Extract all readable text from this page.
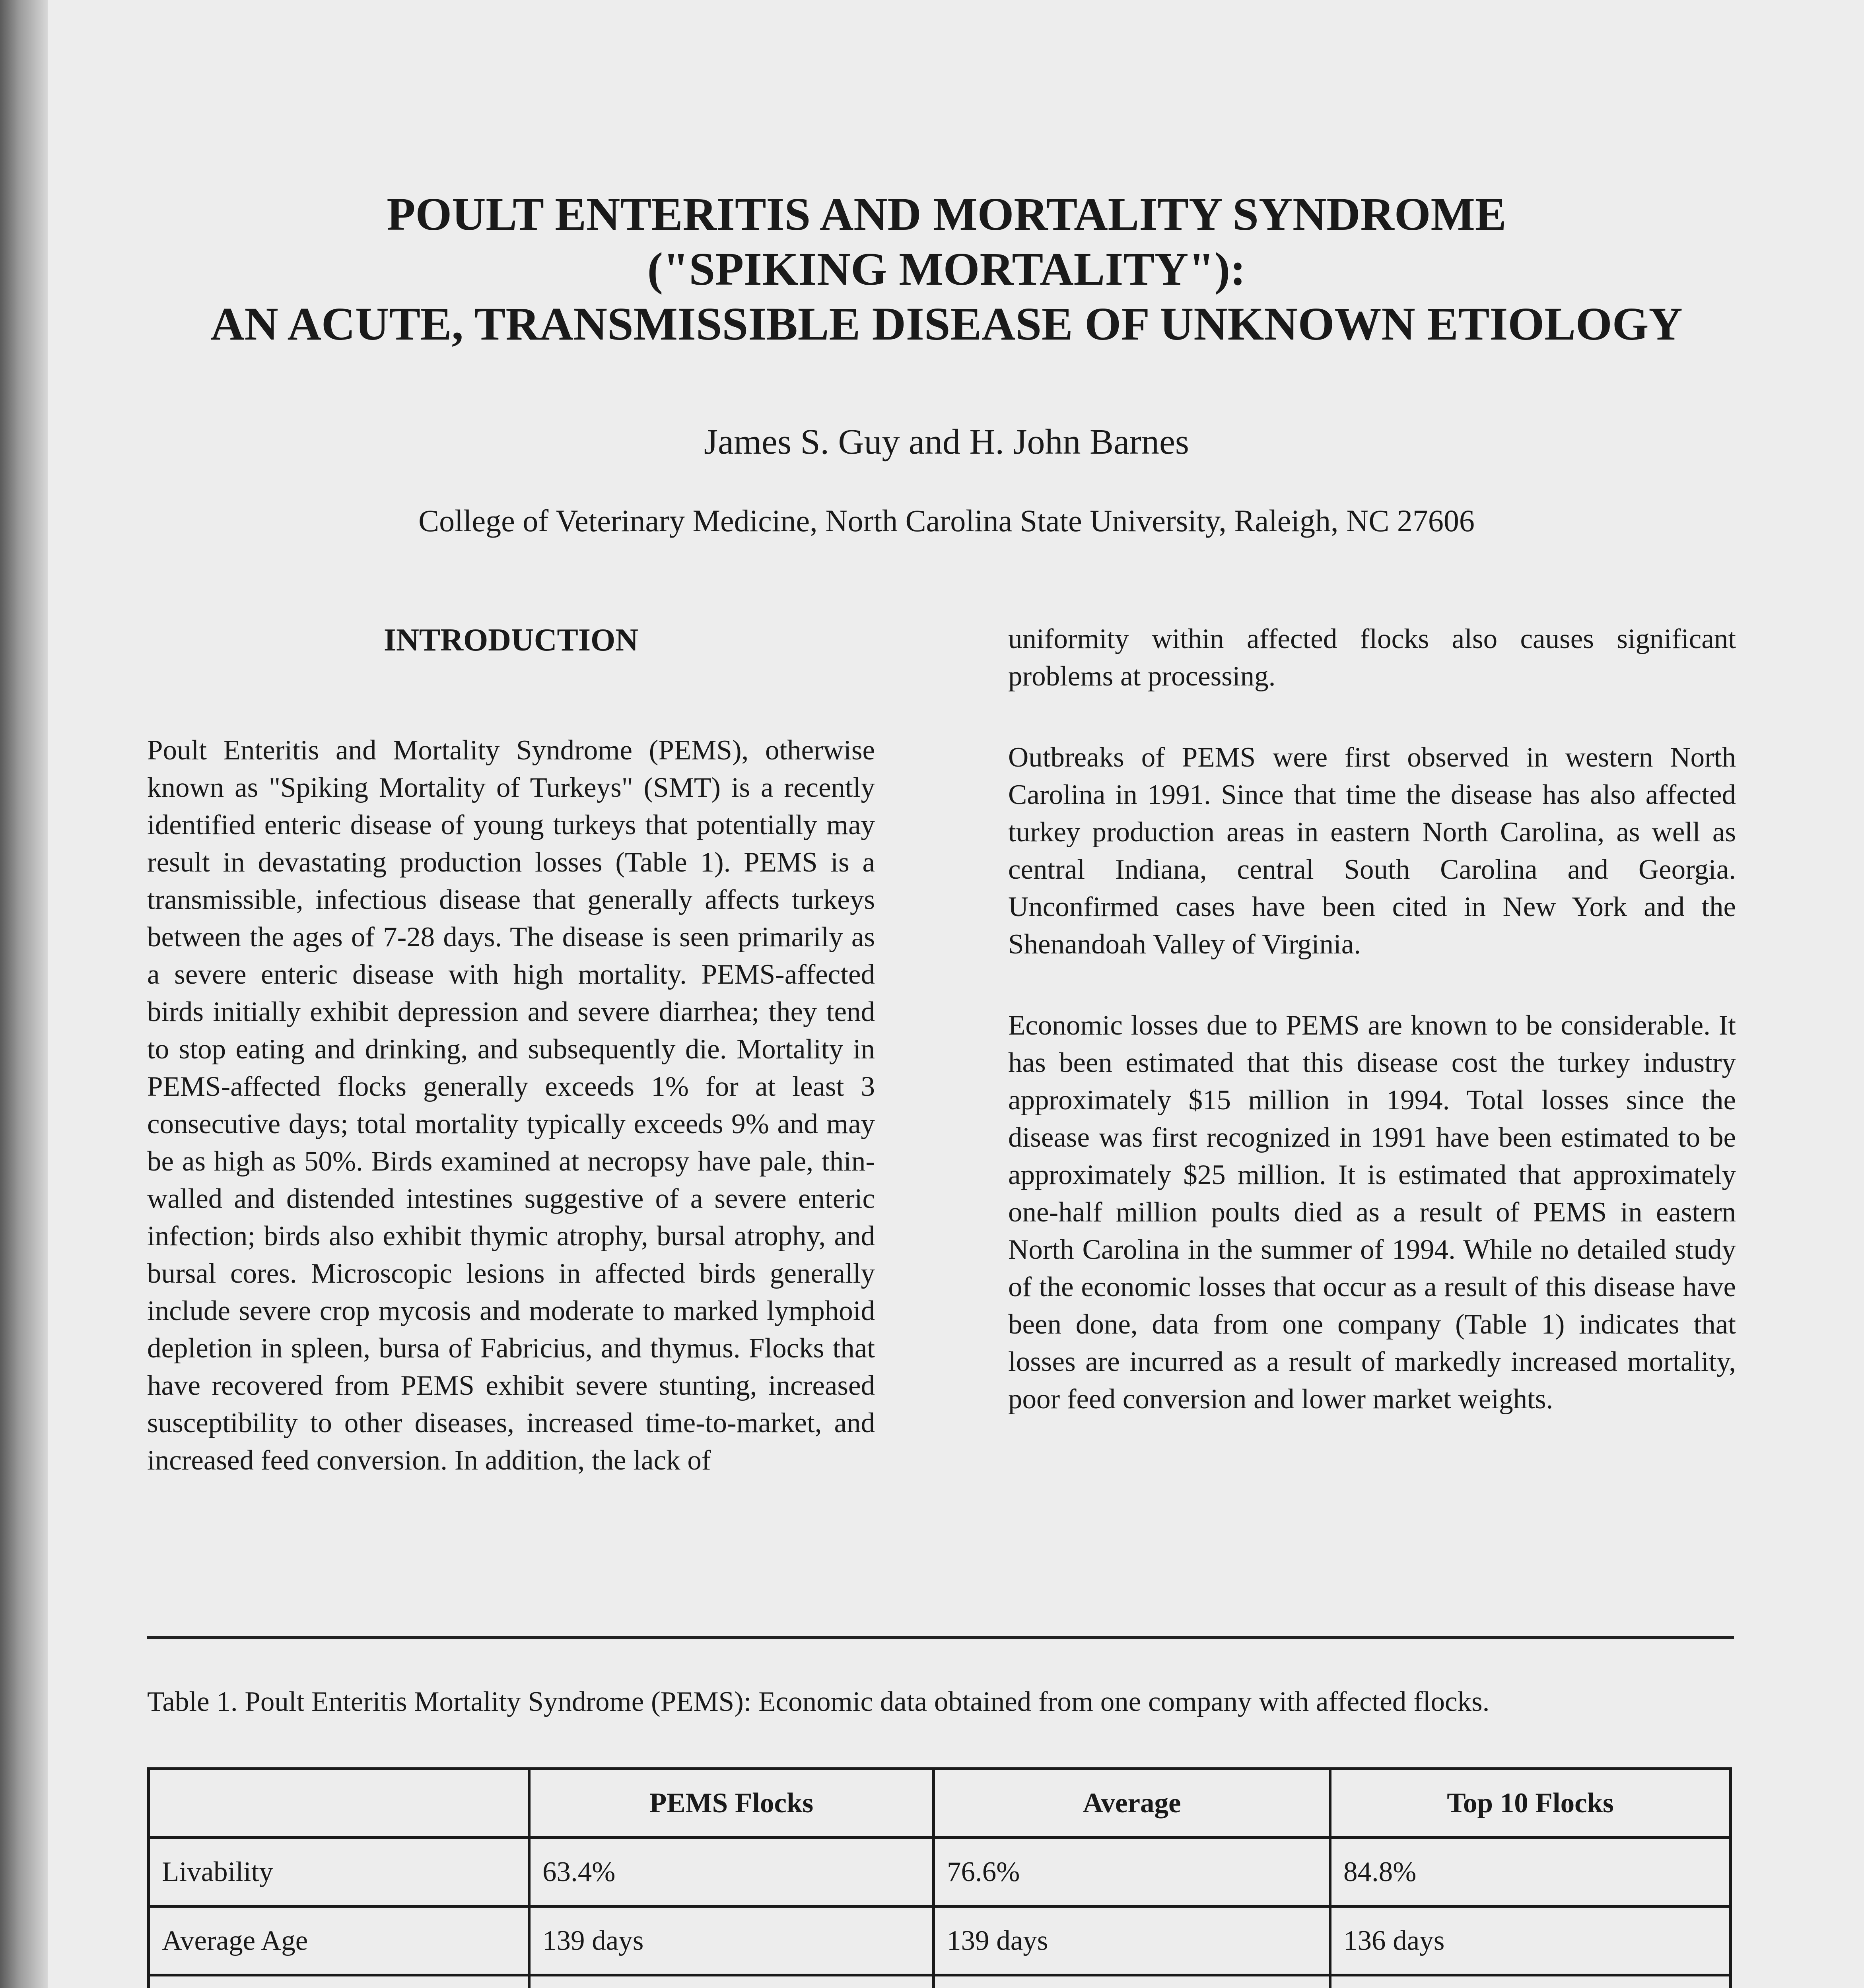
POULT ENTERITIS AND MORTALITY SYNDROME
("SPIKING MORTALITY"):
AN ACUTE, TRANSMISSIBLE DISEASE OF UNKNOWN ETIOLOGY

James S. Guy and H. John Barnes

College of Veterinary Medicine, North Carolina State University, Raleigh, NC 27606

INTRODUCTION

Poult Enteritis and Mortality Syndrome (PEMS), otherwise known as "Spiking Mortality of Turkeys" (SMT) is a recently identified enteric disease of young turkeys that potentially may result in devastating production losses (Table 1). PEMS is a transmissible, infectious disease that generally affects turkeys between the ages of 7-28 days. The disease is seen primarily as a severe enteric disease with high mortality. PEMS-affected birds initially exhibit depression and severe diarrhea; they tend to stop eating and drinking, and subsequently die. Mortality in PEMS-affected flocks generally exceeds 1% for at least 3 consecutive days; total mortality typically exceeds 9% and may be as high as 50%. Birds examined at necropsy have pale, thin-walled and distended intestines suggestive of a severe enteric infection; birds also exhibit thymic atrophy, bursal atrophy, and bursal cores. Microscopic lesions in affected birds generally include severe crop mycosis and moderate to marked lymphoid depletion in spleen, bursa of Fabricius, and thymus. Flocks that have recovered from PEMS exhibit severe stunting, increased susceptibility to other diseases, increased time-to-market, and increased feed conversion. In addition, the lack of

uniformity within affected flocks also causes significant problems at processing.

Outbreaks of PEMS were first observed in western North Carolina in 1991. Since that time the disease has also affected turkey production areas in eastern North Carolina, as well as central Indiana, central South Carolina and Georgia. Unconfirmed cases have been cited in New York and the Shenandoah Valley of Virginia.

Economic losses due to PEMS are known to be considerable. It has been estimated that this disease cost the turkey industry approximately $15 million in 1994. Total losses since the disease was first recognized in 1991 have been estimated to be approximately $25 million. It is estimated that approximately one-half million poults died as a result of PEMS in eastern North Carolina in the summer of 1994. While no detailed study of the economic losses that occur as a result of this disease have been done, data from one company (Table 1) indicates that losses are incurred as a result of markedly increased mortality, poor feed conversion and lower market weights.

Table 1. Poult Enteritis Mortality Syndrome (PEMS): Economic data obtained from one company with affected flocks.

	PEMS Flocks	Average	Top 10 Flocks
Livability	63.4%	76.6%	84.8%
Average Age	139 days	139 days	136 days
